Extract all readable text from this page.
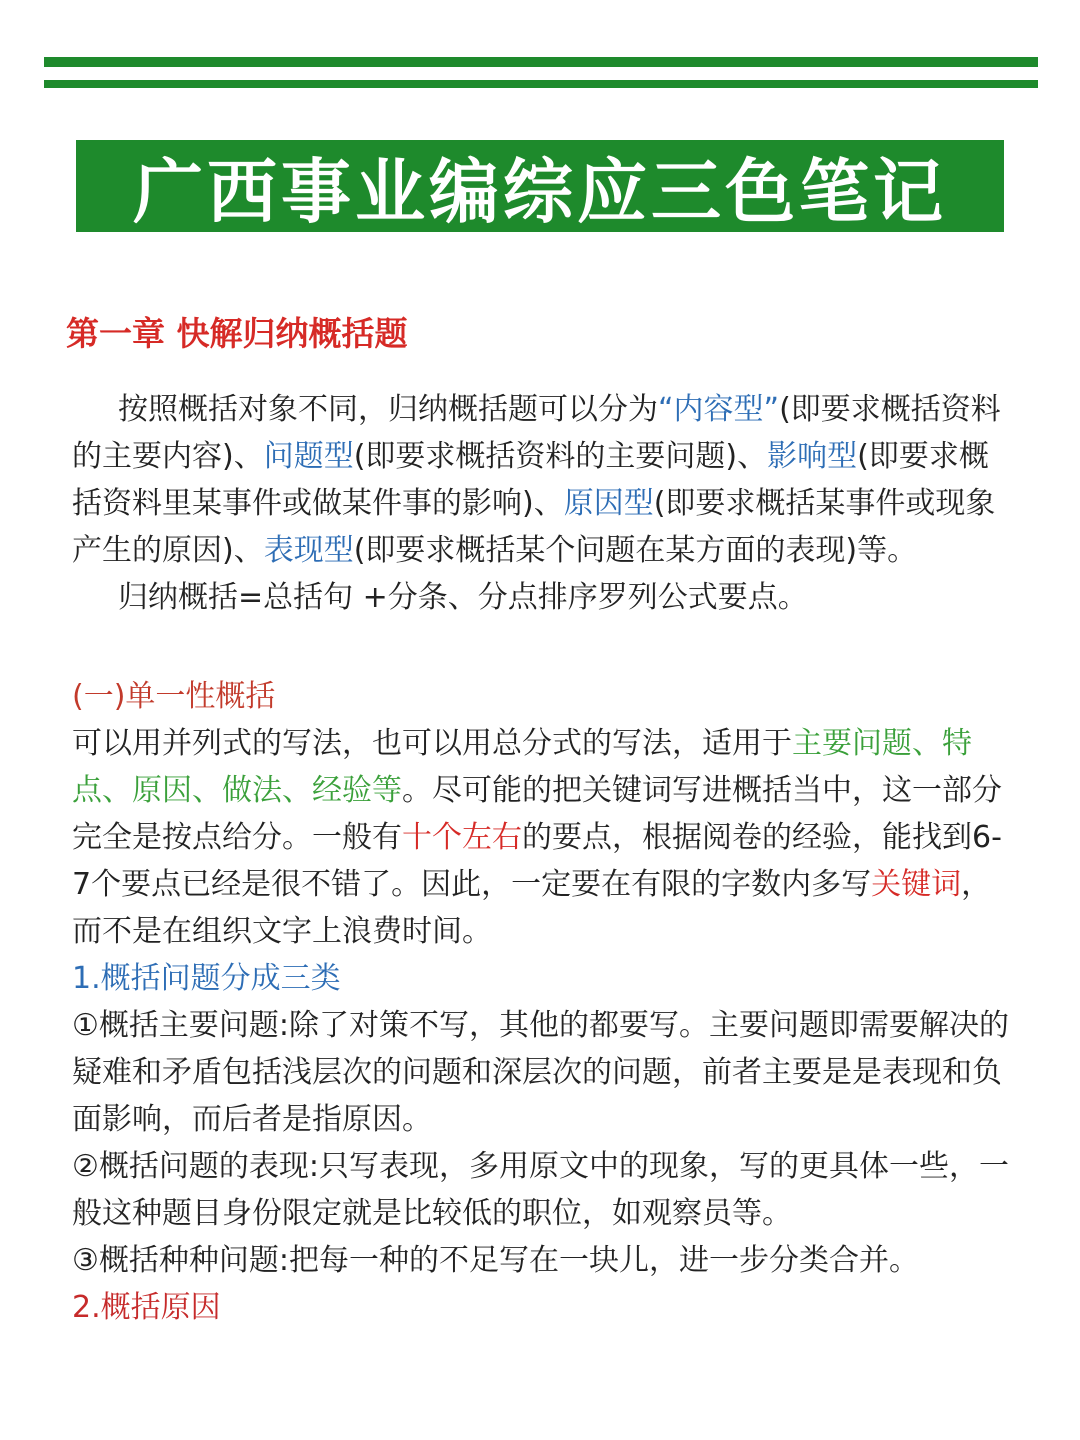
广西事业编综应三色笔记
第一章 快解归纳概括题

按照概括对象不同，归纳概括题可以分为“内容型”(即要求概括资料的主要内容)、问题型(即要求概括资料的主要问题)、影响型(即要求概括资料里某事件或做某件事的影响)、原因型(即要求概括某事件或现象产生的原因)、表现型(即要求概括某个问题在某方面的表现)等。

归纳概括=总括句 +分条、分点排序罗列公式要点。

(一)单一性概括

可以用并列式的写法，也可以用总分式的写法，适用于主要问题、特点、原因、做法、经验等。尽可能的把关键词写进概括当中，这一部分完全是按点给分。一般有十个左右的要点，根据阅卷的经验，能找到6-7个要点已经是很不错了。因此，一定要在有限的字数内多写关键词，而不是在组织文字上浪费时间。

1.概括问题分成三类

①概括主要问题:除了对策不写，其他的都要写。主要问题即需要解决的疑难和矛盾包括浅层次的问题和深层次的问题，前者主要是是表现和负面影响，而后者是指原因。

②概括问题的表现:只写表现，多用原文中的现象，写的更具体一些，一般这种题目身份限定就是比较低的职位，如观察员等。

③概括种种问题:把每一种的不足写在一块儿，进一步分类合并。

2.概括原因
